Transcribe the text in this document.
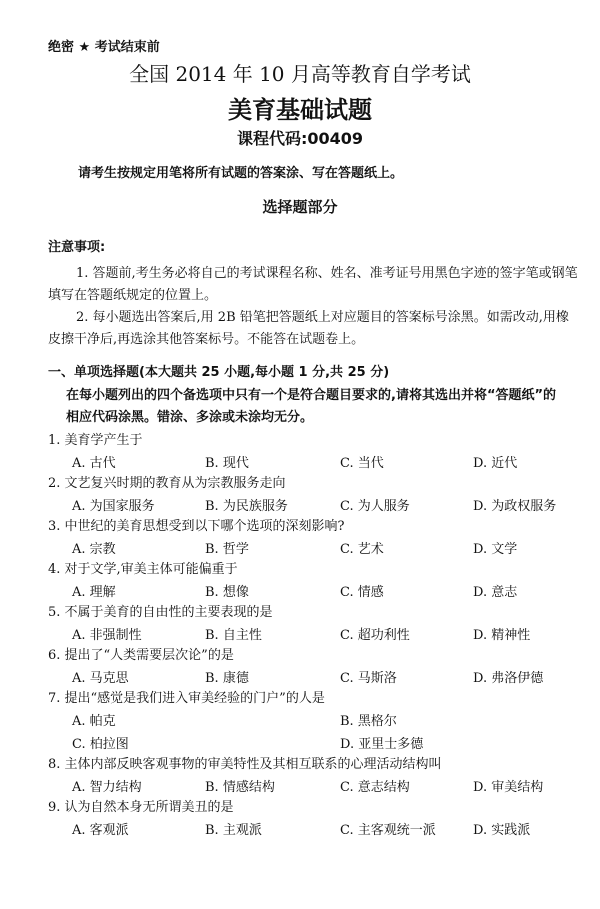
绝密 ★ 考试结束前
全国 2014 年 10 月高等教育自学考试
美育基础试题
课程代码:00409
请考生按规定用笔将所有试题的答案涂、写在答题纸上。
选择题部分
注意事项:
1. 答题前,考生务必将自己的考试课程名称、姓名、准考证号用黑色字迹的签字笔或钢笔
填写在答题纸规定的位置上。
2. 每小题选出答案后,用 2B 铅笔把答题纸上对应题目的答案标号涂黑。如需改动,用橡
皮擦干净后,再选涂其他答案标号。不能答在试题卷上。
一、单项选择题(本大题共 25 小题,每小题 1 分,共 25 分)
在每小题列出的四个备选项中只有一个是符合题目要求的,请将其选出并将“答题纸”的
相应代码涂黑。错涂、多涂或未涂均无分。
1. 美育学产生于
A. 古代	B. 现代	C. 当代	D. 近代
2. 文艺复兴时期的教育从为宗教服务走向
A. 为国家服务	B. 为民族服务	C. 为人服务	D. 为政权服务
3. 中世纪的美育思想受到以下哪个选项的深刻影响?
A. 宗教	B. 哲学	C. 艺术	D. 文学
4. 对于文学,审美主体可能偏重于
A. 理解	B. 想像	C. 情感	D. 意志
5. 不属于美育的自由性的主要表现的是
A. 非强制性	B. 自主性	C. 超功利性	D. 精神性
6. 提出了“人类需要层次论”的是
A. 马克思	B. 康德	C. 马斯洛	D. 弗洛伊德
7. 提出“感觉是我们进入审美经验的门户”的人是
A. 帕克	B. 黑格尔
C. 柏拉图	D. 亚里士多德
8. 主体内部反映客观事物的审美特性及其相互联系的心理活动结构叫
A. 智力结构	B. 情感结构	C. 意志结构	D. 审美结构
9. 认为自然本身无所谓美丑的是
A. 客观派	B. 主观派	C. 主客观统一派	D. 实践派
